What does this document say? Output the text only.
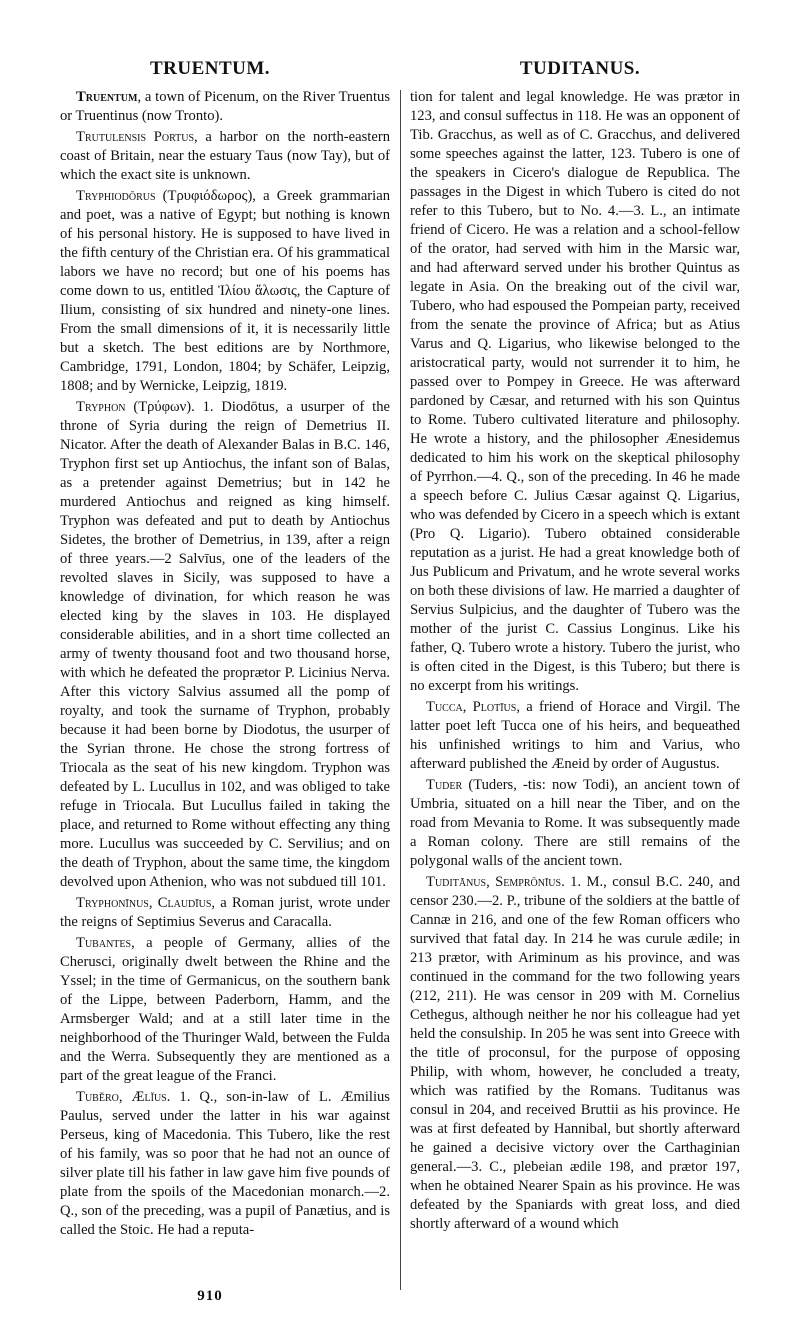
TRUENTUM.	TUDITANUS.

Truentum, a town of Picenum, on the River Truentus or Truentinus (now Tronto).

Trutulensis Portus, a harbor on the north-eastern coast of Britain, near the estuary Taus (now Tay), but of which the exact site is unknown.

Tryphiodōrus (Τρυφιόδωρος), a Greek grammarian and poet, was a native of Egypt; but nothing is known of his personal history. He is supposed to have lived in the fifth century of the Christian era. Of his grammatical labors we have no record; but one of his poems has come down to us, entitled Ἰλίου ἅλωσις, the Capture of Ilium, consisting of six hundred and ninety-one lines. From the small dimensions of it, it is necessarily little but a sketch. The best editions are by Northmore, Cambridge, 1791, London, 1804; by Schäfer, Leipzig, 1808; and by Wernicke, Leipzig, 1819.

Tryphon (Τρύφων). 1. Diodōtus, a usurper of the throne of Syria during the reign of Demetrius II. Nicator. After the death of Alexander Balas in B.C. 146, Tryphon first set up Antiochus, the infant son of Balas, as a pretender against Demetrius; but in 142 he murdered Antiochus and reigned as king himself. Tryphon was defeated and put to death by Antiochus Sidetes, the brother of Demetrius, in 139, after a reign of three years.—2 Salvīus, one of the leaders of the revolted slaves in Sicily, was supposed to have a knowledge of divination, for which reason he was elected king by the slaves in 103. He displayed considerable abilities, and in a short time collected an army of twenty thousand foot and two thousand horse, with which he defeated the proprætor P. Licinius Nerva. After this victory Salvius assumed all the pomp of royalty, and took the surname of Tryphon, probably because it had been borne by Diodotus, the usurper of the Syrian throne. He chose the strong fortress of Triocala as the seat of his new kingdom. Tryphon was defeated by L. Lucullus in 102, and was obliged to take refuge in Triocala. But Lucullus failed in taking the place, and returned to Rome without effecting any thing more. Lucullus was succeeded by C. Servilius; and on the death of Tryphon, about the same time, the kingdom devolved upon Athenion, who was not subdued till 101.

Tryphonīnus, Claudīus, a Roman jurist, wrote under the reigns of Septimius Severus and Caracalla.

Tubantes, a people of Germany, allies of the Cherusci, originally dwelt between the Rhine and the Yssel; in the time of Germanicus, on the southern bank of the Lippe, between Paderborn, Hamm, and the Armsberger Wald; and at a still later time in the neighborhood of the Thuringer Wald, between the Fulda and the Werra. Subsequently they are mentioned as a part of the great league of the Franci.

Tubĕro, Ælĭus. 1. Q., son-in-law of L. Æmilius Paulus, served under the latter in his war against Perseus, king of Macedonia. This Tubero, like the rest of his family, was so poor that he had not an ounce of silver plate till his father in law gave him five pounds of plate from the spoils of the Macedonian monarch.—2. Q., son of the preceding, was a pupil of Panætius, and is called the Stoic. He had a reputa-

tion for talent and legal knowledge. He was prætor in 123, and consul suffectus in 118. He was an opponent of Tib. Gracchus, as well as of C. Gracchus, and delivered some speeches against the latter, 123. Tubero is one of the speakers in Cicero's dialogue de Republica. The passages in the Digest in which Tubero is cited do not refer to this Tubero, but to No. 4.—3. L., an intimate friend of Cicero. He was a relation and a school-fellow of the orator, had served with him in the Marsic war, and had afterward served under his brother Quintus as legate in Asia. On the breaking out of the civil war, Tubero, who had espoused the Pompeian party, received from the senate the province of Africa; but as Atius Varus and Q. Ligarius, who likewise belonged to the aristocratical party, would not surrender it to him, he passed over to Pompey in Greece. He was afterward pardoned by Cæsar, and returned with his son Quintus to Rome. Tubero cultivated literature and philosophy. He wrote a history, and the philosopher Ænesidemus dedicated to him his work on the skeptical philosophy of Pyrrhon.—4. Q., son of the preceding. In 46 he made a speech before C. Julius Cæsar against Q. Ligarius, who was defended by Cicero in a speech which is extant (Pro Q. Ligario). Tubero obtained considerable reputation as a jurist. He had a great knowledge both of Jus Publicum and Privatum, and he wrote several works on both these divisions of law. He married a daughter of Servius Sulpicius, and the daughter of Tubero was the mother of the jurist C. Cassius Longinus. Like his father, Q. Tubero wrote a history. Tubero the jurist, who is often cited in the Digest, is this Tubero; but there is no excerpt from his writings.

Tucca, Plotīus, a friend of Horace and Virgil. The latter poet left Tucca one of his heirs, and bequeathed his unfinished writings to him and Varius, who afterward published the Æneid by order of Augustus.

Tuder (Tuders, -tis: now Todi), an ancient town of Umbria, situated on a hill near the Tiber, and on the road from Mevania to Rome. It was subsequently made a Roman colony. There are still remains of the polygonal walls of the ancient town.

Tuditānus, Semprōnīus. 1. M., consul B.C. 240, and censor 230.—2. P., tribune of the soldiers at the battle of Cannæ in 216, and one of the few Roman officers who survived that fatal day. In 214 he was curule ædile; in 213 prætor, with Ariminum as his province, and was continued in the command for the two following years (212, 211). He was censor in 209 with M. Cornelius Cethegus, although neither he nor his colleague had yet held the consulship. In 205 he was sent into Greece with the title of proconsul, for the purpose of opposing Philip, with whom, however, he concluded a treaty, which was ratified by the Romans. Tuditanus was consul in 204, and received Bruttii as his province. He was at first defeated by Hannibal, but shortly afterward he gained a decisive victory over the Carthaginian general.—3. C., plebeian ædile 198, and prætor 197, when he obtained Nearer Spain as his province. He was defeated by the Spaniards with great loss, and died shortly afterward of a wound which

910
